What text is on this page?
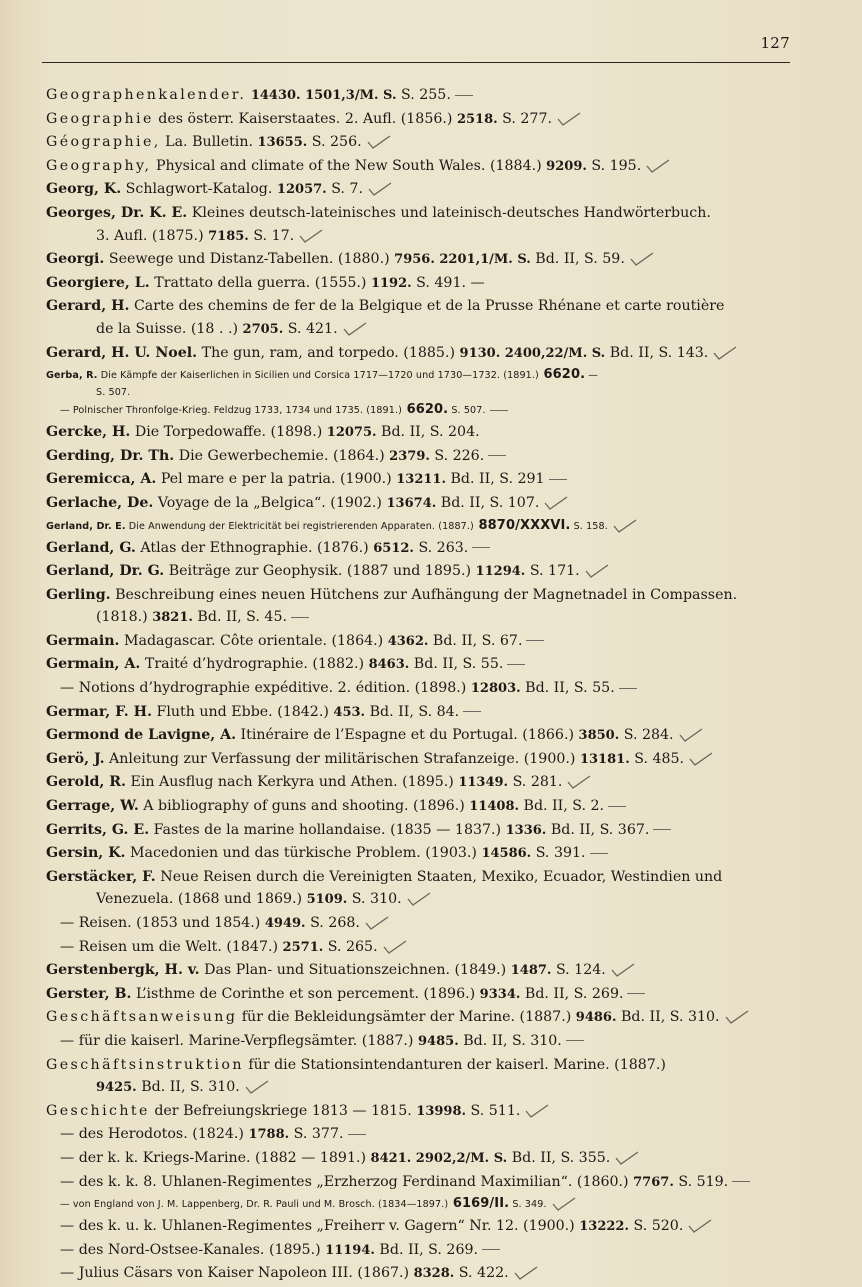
127
Geographenkalender. 14430. 1501,3/M. S. S. 255.
Geographie des österr. Kaiserstaates. 2. Aufl. (1856.) 2518. S. 277.
Géographie, La. Bulletin. 13655. S. 256.
Geography, Physical and climate of the New South Wales. (1884.) 9209. S. 195.
Georg, K. Schlagwort-Katalog. 12057. S. 7.
Georges, Dr. K. E. Kleines deutsch-lateinisches und lateinisch-deutsches Handwörterbuch.
3. Aufl. (1875.) 7185. S. 17.
Georgi. Seewege und Distanz-Tabellen. (1880.) 7956. 2201,1/M. S. Bd. II, S. 59.
Georgiere, L. Trattato della guerra. (1555.) 1192. S. 491. —
Gerard, H. Carte des chemins de fer de la Belgique et de la Prusse Rhénane et carte routière
de la Suisse. (18 . .) 2705. S. 421.
Gerard, H. U. Noel. The gun, ram, and torpedo. (1885.) 9130. 2400,22/M. S. Bd. II, S. 143.
Gerba, R. Die Kämpfe der Kaiserlichen in Sicilien und Corsica 1717—1720 und 1730—1732. (1891.) 6620. —
S. 507.
— Polnischer Thronfolge-Krieg. Feldzug 1733, 1734 und 1735. (1891.) 6620. S. 507.
Gercke, H. Die Torpedowaffe. (1898.) 12075. Bd. II, S. 204.
Gerding, Dr. Th. Die Gewerbechemie. (1864.) 2379. S. 226.
Geremicca, A. Pel mare e per la patria. (1900.) 13211. Bd. II, S. 291
Gerlache, De. Voyage de la „Belgica“. (1902.) 13674. Bd. II, S. 107.
Gerland, Dr. E. Die Anwendung der Elektricität bei registrierenden Apparaten. (1887.) 8870/XXXVI. S. 158.
Gerland, G. Atlas der Ethnographie. (1876.) 6512. S. 263.
Gerland, Dr. G. Beiträge zur Geophysik. (1887 und 1895.) 11294. S. 171.
Gerling. Beschreibung eines neuen Hütchens zur Aufhängung der Magnetnadel in Compassen.
(1818.) 3821. Bd. II, S. 45.
Germain. Madagascar. Côte orientale. (1864.) 4362. Bd. II, S. 67.
Germain, A. Traité d’hydrographie. (1882.) 8463. Bd. II, S. 55.
— Notions d’hydrographie expéditive. 2. édition. (1898.) 12803. Bd. II, S. 55.
Germar, F. H. Fluth und Ebbe. (1842.) 453. Bd. II, S. 84.
Germond de Lavigne, A. Itinéraire de l’Espagne et du Portugal. (1866.) 3850. S. 284.
Gerö, J. Anleitung zur Verfassung der militärischen Strafanzeige. (1900.) 13181. S. 485.
Gerold, R. Ein Ausflug nach Kerkyra und Athen. (1895.) 11349. S. 281.
Gerrage, W. A bibliography of guns and shooting. (1896.) 11408. Bd. II, S. 2.
Gerrits, G. E. Fastes de la marine hollandaise. (1835 — 1837.) 1336. Bd. II, S. 367.
Gersin, K. Macedonien und das türkische Problem. (1903.) 14586. S. 391.
Gerstäcker, F. Neue Reisen durch die Vereinigten Staaten, Mexiko, Ecuador, Westindien und
Venezuela. (1868 und 1869.) 5109. S. 310.
— Reisen. (1853 und 1854.) 4949. S. 268.
— Reisen um die Welt. (1847.) 2571. S. 265.
Gerstenbergk, H. v. Das Plan- und Situationszeichnen. (1849.) 1487. S. 124.
Gerster, B. L’isthme de Corinthe et son percement. (1896.) 9334. Bd. II, S. 269.
Geschäftsanweisung für die Bekleidungsämter der Marine. (1887.) 9486. Bd. II, S. 310.
— für die kaiserl. Marine-Verpflegsämter. (1887.) 9485. Bd. II, S. 310.
Geschäftsinstruktion für die Stationsintendanturen der kaiserl. Marine. (1887.)
9425. Bd. II, S. 310.
Geschichte der Befreiungskriege 1813 — 1815. 13998. S. 511.
— des Herodotos. (1824.) 1788. S. 377.
— der k. k. Kriegs-Marine. (1882 — 1891.) 8421. 2902,2/M. S. Bd. II, S. 355.
— des k. k. 8. Uhlanen-Regimentes „Erzherzog Ferdinand Maximilian“. (1860.) 7767. S. 519.
— von England von J. M. Lappenberg, Dr. R. Pauli und M. Brosch. (1834—1897.) 6169/II. S. 349.
— des k. u. k. Uhlanen-Regimentes „Freiherr v. Gagern“ Nr. 12. (1900.) 13222. S. 520.
— des Nord-Ostsee-Kanales. (1895.) 11194. Bd. II, S. 269.
— Julius Cäsars von Kaiser Napoleon III. (1867.) 8328. S. 422.
